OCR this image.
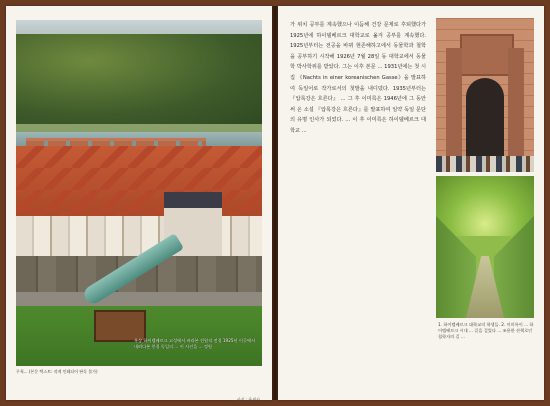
옥상 하이델베르크 고성에서 바라본 전원적 전경 1925년 이곳에서 내려다본 풍경 독일의 ... 이 사진을 ... 정원
무척... (본문 텍스트: 작게 인쇄되어 판독 불가)
사진 : 윤재사
가 위치 공부를 계속했으나 이듬해 건강 문제로 후퇴했다가 1925년에 하이델베르크 대학교로 옮겨 공부를 계속했다. 1925년부터는 전공을 바꿔 현존해하고에서 동물학과 철학을 공부하기 시작해 1926년 7월 28일 동 대학교에서 동물학 박사학위를 받았다. 그는 이후 본문 ... 1931년에는 첫 시집 《Nachts in einer koreanischen Gasse》을 발표하여 독일어로 작가로서의 첫발을 내디뎠다. 1935년부터는 『압록강은 흐른다』 ... 그 후 이미륵은 1946년에 그 동안 써 온 소설 『압록강은 흐른다』를 발표하여 일약 독일 문단의 유명 인사가 되었다. ... 이 후 이미륵은 하이델베르크 대학교 ...
1. 하이델베르크 대학교의 학생들. 2. 이미륵이 ... 하이델베르크 시내 ... 길을 걸었다 ... 조용한 산책로인 철학자의 길 ...
